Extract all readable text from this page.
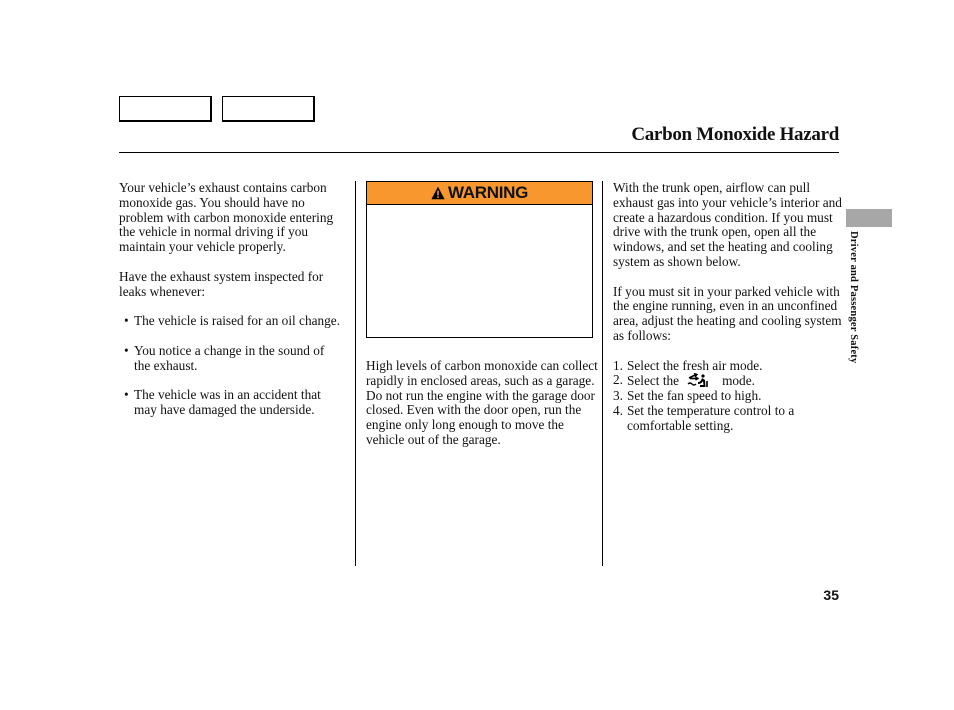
Carbon Monoxide Hazard

Your vehicle’s exhaust contains carbon monoxide gas. You should have no problem with carbon monoxide entering the vehicle in normal driving if you maintain your vehicle properly.

Have the exhaust system inspected for leaks whenever:

• The vehicle is raised for an oil change.
• You notice a change in the sound of the exhaust.
• The vehicle was in an accident that may have damaged the underside.
WARNING

High levels of carbon monoxide can collect rapidly in enclosed areas, such as a garage. Do not run the engine with the garage door closed. Even with the door open, run the engine only long enough to move the vehicle out of the garage.

With the trunk open, airflow can pull exhaust gas into your vehicle’s interior and create a hazardous condition. If you must drive with the trunk open, open all the windows, and set the heating and cooling system as shown below.

If you must sit in your parked vehicle with the engine running, even in an unconfined area, adjust the heating and cooling system as follows:

1. Select the fresh air mode.
2. Select the	mode.
3. Set the fan speed to high.
4. Set the temperature control to a comfortable setting.
Driver and Passenger Safety
35
